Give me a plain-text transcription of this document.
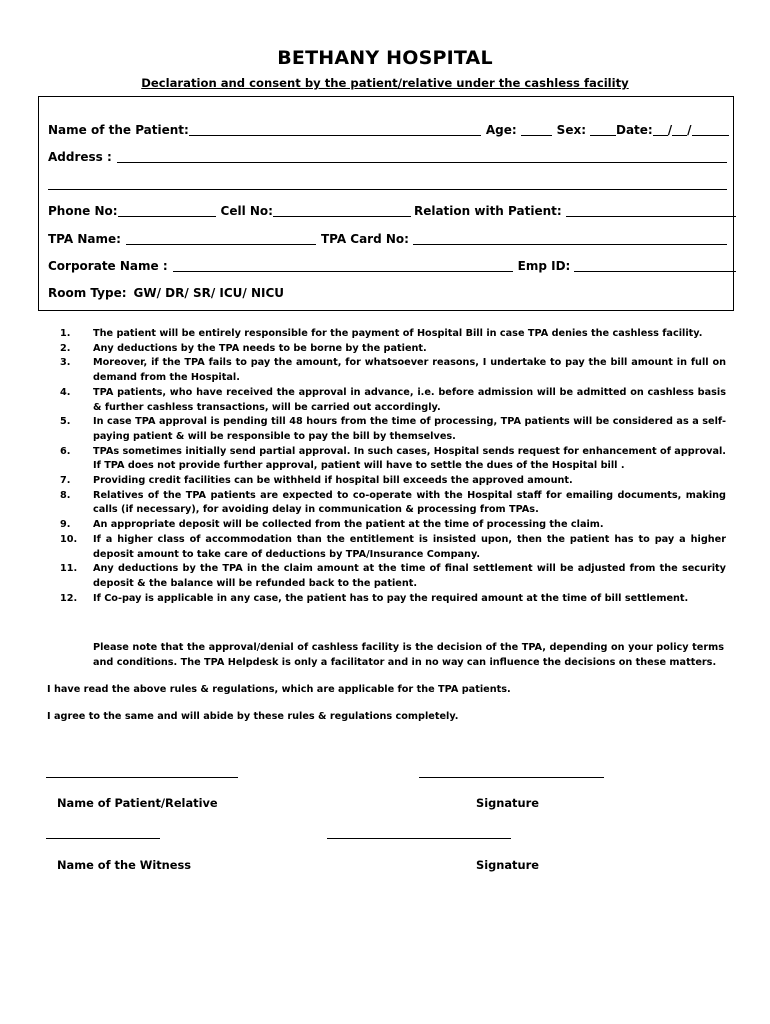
BETHANY HOSPITAL
Declaration and consent by the patient/relative under the cashless facility
Name of the Patient:	Age:	Sex:	Date: / /
Address :
Phone No:	Cell No:	Relation with Patient:
TPA Name:	TPA Card No:
Corporate Name :	Emp ID:
Room Type: GW/ DR/ SR/ ICU/ NICU
1.	The patient will be entirely responsible for the payment of Hospital Bill in case TPA denies the cashless facility.
2.	Any deductions by the TPA needs to be borne by the patient.
3.	Moreover, if the TPA fails to pay the amount, for whatsoever reasons, I undertake to pay the bill amount in full on demand from the Hospital.
4.	TPA patients, who have received the approval in advance, i.e. before admission will be admitted on cashless basis & further cashless transactions, will be carried out accordingly.
5.	In case TPA approval is pending till 48 hours from the time of processing, TPA patients will be considered as a self-paying patient & will be responsible to pay the bill by themselves.
6.	TPAs sometimes initially send partial approval. In such cases, Hospital sends request for enhancement of approval. If TPA does not provide further approval, patient will have to settle the dues of the Hospital bill .
7.	Providing credit facilities can be withheld if hospital bill exceeds the approved amount.
8.	Relatives of the TPA patients are expected to co-operate with the Hospital staff for emailing documents, making calls (if necessary), for avoiding delay in communication & processing from TPAs.
9.	An appropriate deposit will be collected from the patient at the time of processing the claim.
10.	If a higher class of accommodation than the entitlement is insisted upon, then the patient has to pay a higher deposit amount to take care of deductions by TPA/Insurance Company.
11.	Any deductions by the TPA in the claim amount at the time of final settlement will be adjusted from the security deposit & the balance will be refunded back to the patient.
12.	If Co-pay is applicable in any case, the patient has to pay the required amount at the time of bill settlement.
Please note that the approval/denial of cashless facility is the decision of the TPA, depending on your policy terms and conditions. The TPA Helpdesk is only a facilitator and in no way can influence the decisions on these matters.
I have read the above rules & regulations, which are applicable for the TPA patients.
I agree to the same and will abide by these rules & regulations completely.
Name of Patient/Relative	Signature
Name of the Witness	Signature
